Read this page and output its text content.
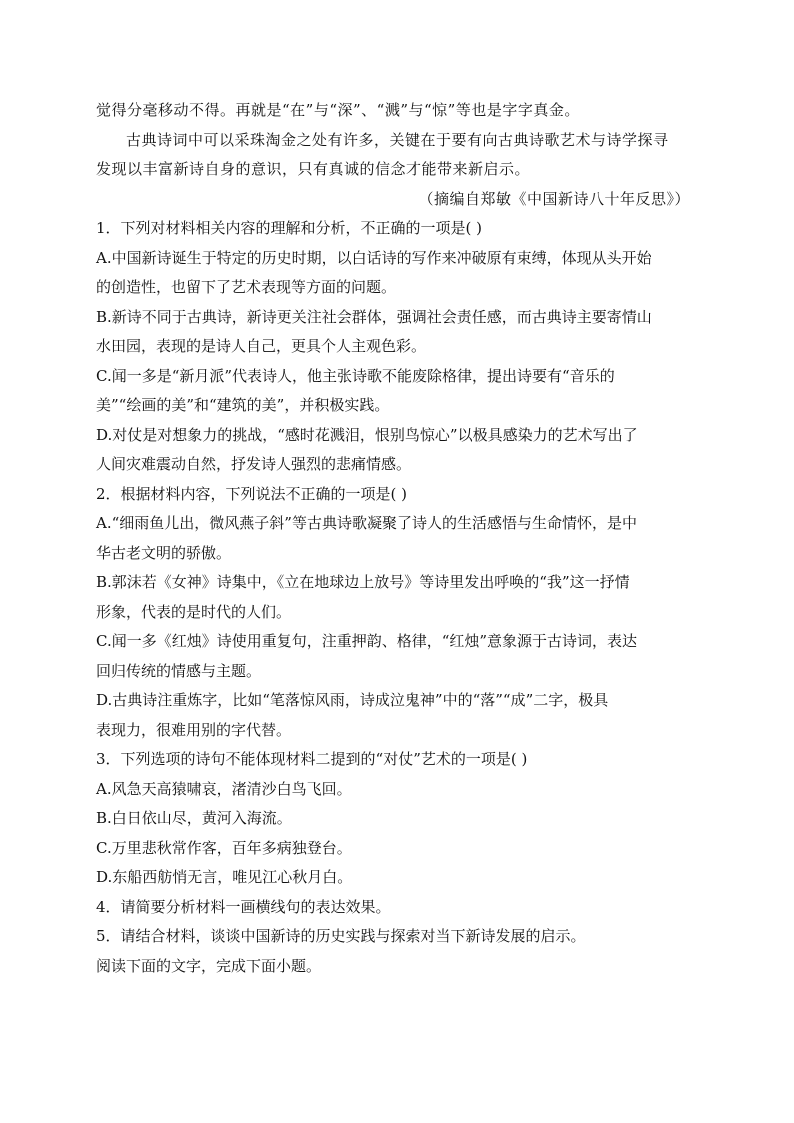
觉得分毫移动不得。再就是“在”与“深”、“溅”与“惊”等也是字字真金。

古典诗词中可以采珠淘金之处有许多，关键在于要有向古典诗歌艺术与诗学探寻

发现以丰富新诗自身的意识，只有真诚的信念才能带来新启示。

（摘编自郑敏《中国新诗八十年反思》）

1．下列对材料相关内容的理解和分析，不正确的一项是( )

A.中国新诗诞生于特定的历史时期，以白话诗的写作来冲破原有束缚，体现从头开始

的创造性，也留下了艺术表现等方面的问题。

B.新诗不同于古典诗，新诗更关注社会群体，强调社会责任感，而古典诗主要寄情山

水田园，表现的是诗人自己，更具个人主观色彩。

C.闻一多是“新月派”代表诗人，他主张诗歌不能废除格律，提出诗要有“音乐的

美”“绘画的美”和“建筑的美”，并积极实践。

D.对仗是对想象力的挑战，“感时花溅泪，恨别鸟惊心”以极具感染力的艺术写出了

人间灾难震动自然，抒发诗人强烈的悲痛情感。

2．根据材料内容，下列说法不正确的一项是( )

A.“细雨鱼儿出，微风燕子斜”等古典诗歌凝聚了诗人的生活感悟与生命情怀，是中

华古老文明的骄傲。

B.郭沫若《女神》诗集中，《立在地球边上放号》等诗里发出呼唤的“我”这一抒情

形象，代表的是时代的人们。

C.闻一多《红烛》诗使用重复句，注重押韵、格律，“红烛”意象源于古诗词，表达

回归传统的情感与主题。

D.古典诗注重炼字，比如“笔落惊风雨，诗成泣鬼神”中的“落”“成”二字，极具

表现力，很难用别的字代替。

3．下列选项的诗句不能体现材料二提到的“对仗”艺术的一项是( )

A.风急天高猿啸哀，渚清沙白鸟飞回。

B.白日依山尽，黄河入海流。

C.万里悲秋常作客，百年多病独登台。

D.东船西舫悄无言，唯见江心秋月白。

4．请简要分析材料一画横线句的表达效果。

5．请结合材料，谈谈中国新诗的历史实践与探索对当下新诗发展的启示。

阅读下面的文字，完成下面小题。
